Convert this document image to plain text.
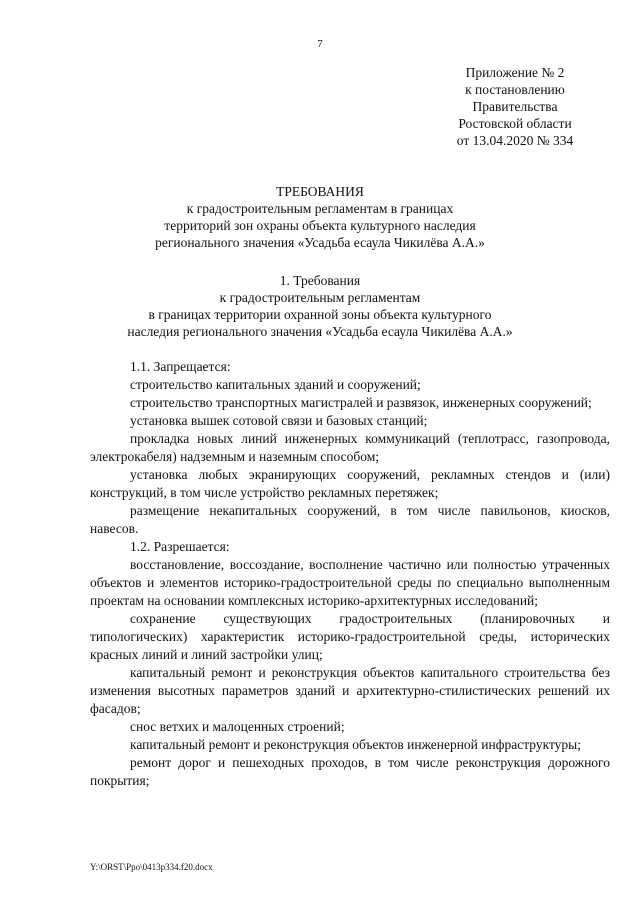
7
Приложение № 2
к постановлению
Правительства
Ростовской области
от 13.04.2020 № 334
ТРЕБОВАНИЯ
к градостроительным регламентам в границах
территорий зон охраны объекта культурного наследия
регионального значения «Усадьба есаула Чикилёва А.А.»
1. Требования
к градостроительным регламентам
в границах территории охранной зоны объекта культурного
наследия регионального значения «Усадьба есаула Чикилёва А.А.»

1.1. Запрещается:

строительство капитальных зданий и сооружений;

строительство транспортных магистралей и развязок, инженерных сооружений;

установка вышек сотовой связи и базовых станций;

прокладка новых линий инженерных коммуникаций (теплотрасс, газопровода, электрокабеля) надземным и наземным способом;

установка любых экранирующих сооружений, рекламных стендов и (или) конструкций, в том числе устройство рекламных перетяжек;

размещение некапитальных сооружений, в том числе павильонов, киосков, навесов.

1.2. Разрешается:

восстановление, воссоздание, восполнение частично или полностью утраченных объектов и элементов историко-градостроительной среды по специально выполненным проектам на основании комплексных историко-архитектурных исследований;

сохранение существующих градостроительных (планировочных и типологических) характеристик историко-градостроительной среды, исторических красных линий и линий застройки улиц;

капитальный ремонт и реконструкция объектов капитального строительства без изменения высотных параметров зданий и архитектурно-стилистических решений их фасадов;

снос ветхих и малоценных строений;

капитальный ремонт и реконструкция объектов инженерной инфраструктуры;

ремонт дорог и пешеходных проходов, в том числе реконструкция дорожного покрытия;

Y:\ORST\Ppo\0413p334.f20.docx
